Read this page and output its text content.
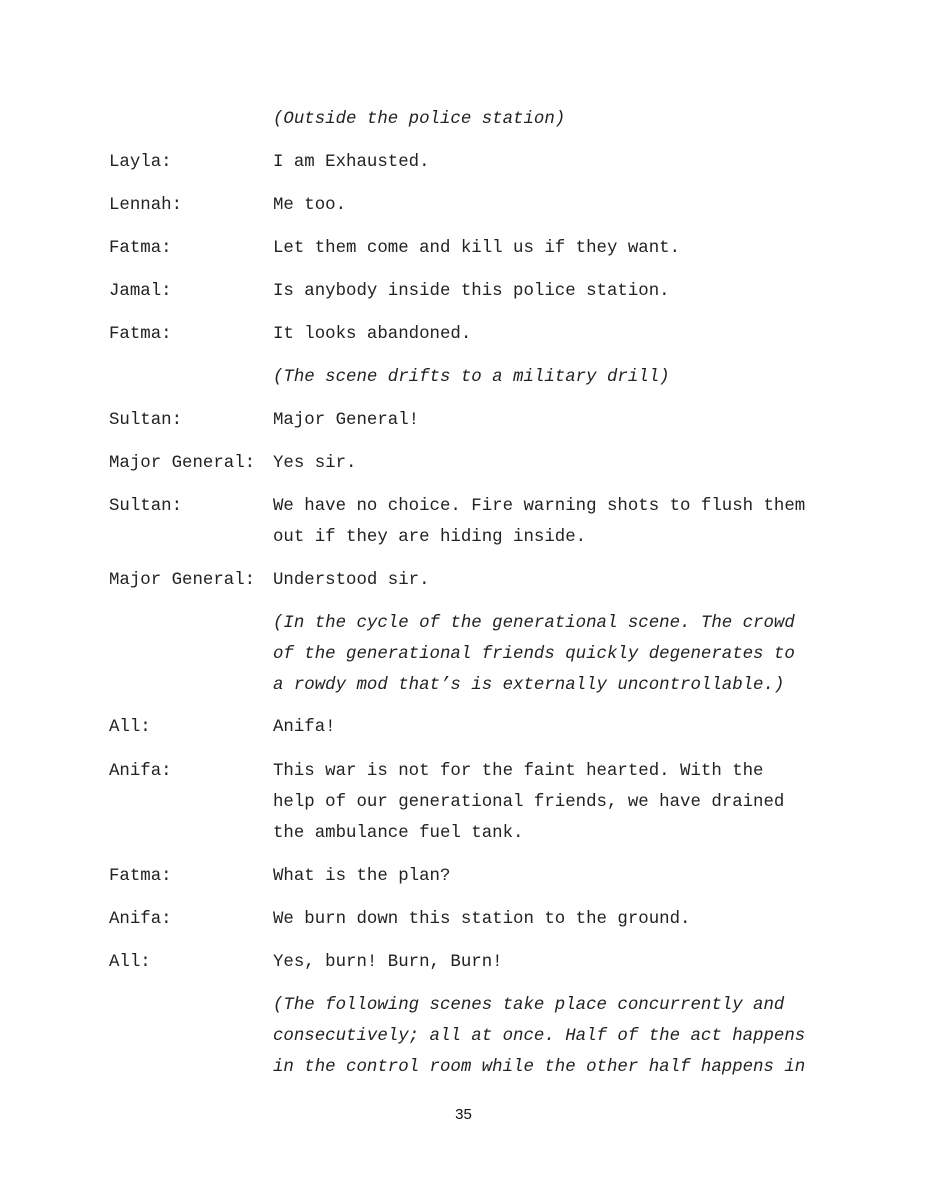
(Outside the police station)
Layla:	I am Exhausted.
Lennah:	Me too.
Fatma:	Let them come and kill us if they want.
Jamal:	Is anybody inside this police station.
Fatma:	It looks abandoned.
(The scene drifts to a military drill)
Sultan:	Major General!
Major General: Yes sir.
Sultan:	We have no choice. Fire warning shots to flush them
out if they are hiding inside.
Major General: Understood sir.
(In the cycle of the generational scene. The crowd
of the generational friends quickly degenerates to
a rowdy mod that’s is externally uncontrollable.)
All:	Anifa!
Anifa:	This war is not for the faint hearted. With the
help of our generational friends, we have drained
the ambulance fuel tank.
Fatma:	What is the plan?
Anifa:	We burn down this station to the ground.
All:	Yes, burn! Burn, Burn!
(The following scenes take place concurrently and
consecutively; all at once. Half of the act happens
in the control room while the other half happens in
35
